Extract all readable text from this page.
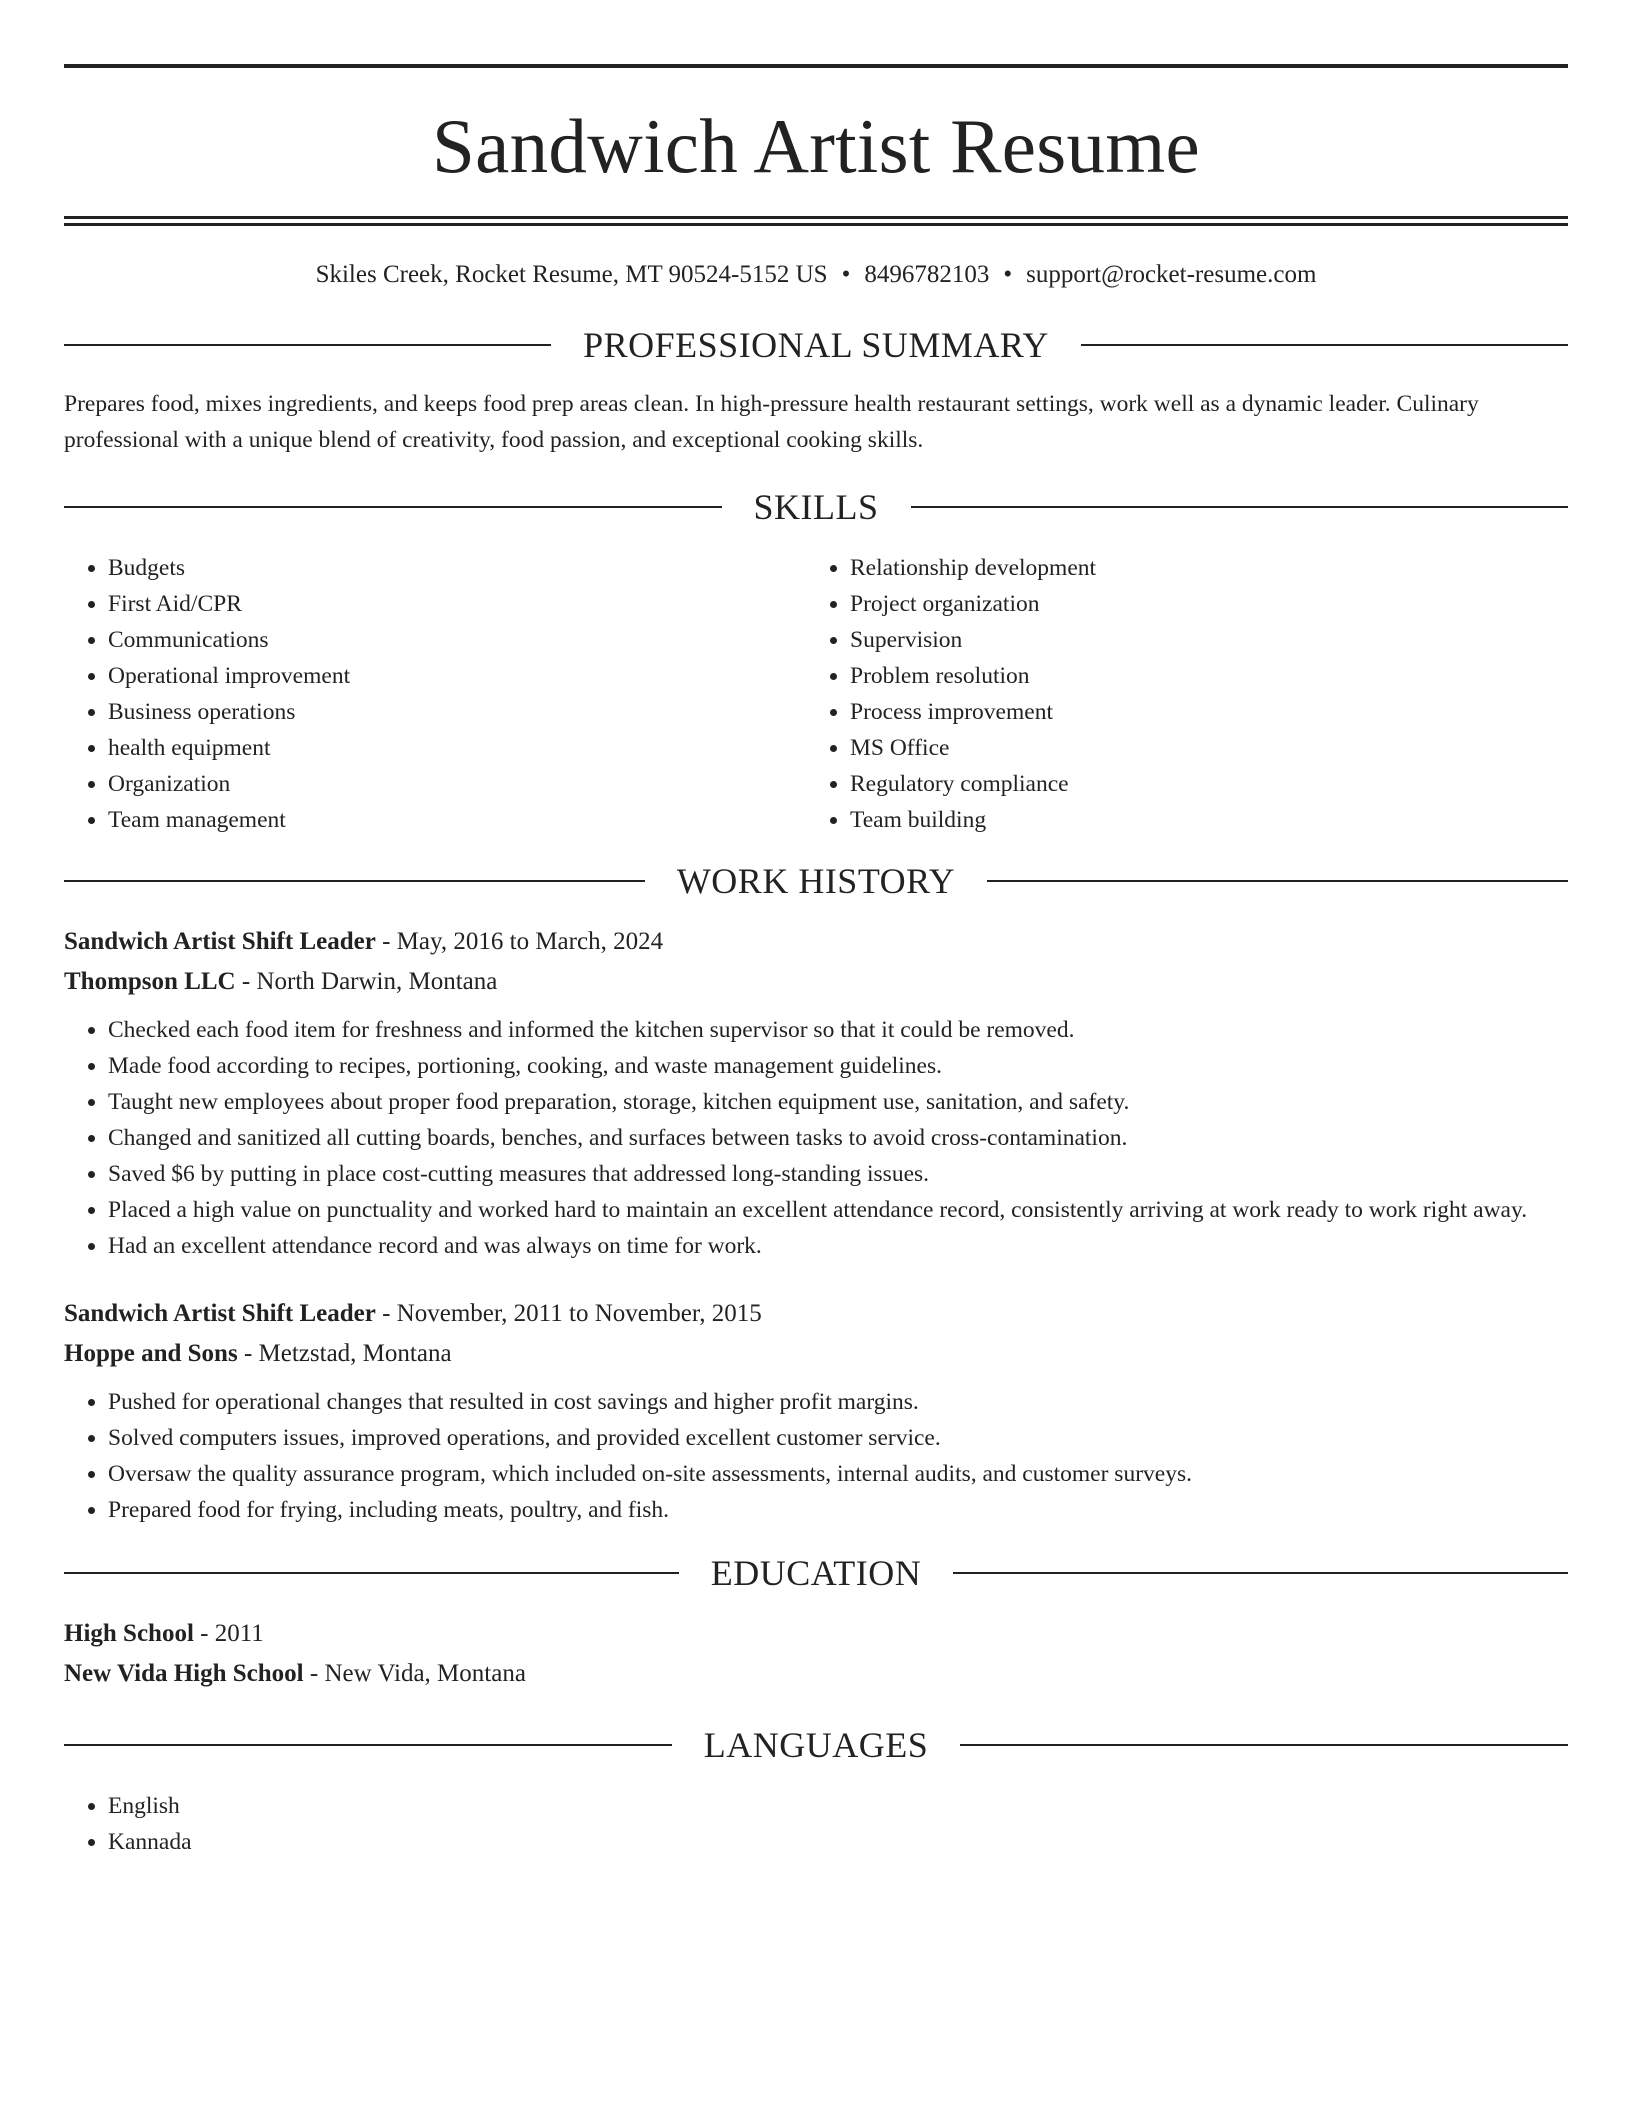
Sandwich Artist Resume
Skiles Creek, Rocket Resume, MT 90524-5152 US • 8496782103 • support@rocket-resume.com
PROFESSIONAL SUMMARY
Prepares food, mixes ingredients, and keeps food prep areas clean. In high-pressure health restaurant settings, work well as a dynamic leader. Culinary professional with a unique blend of creativity, food passion, and exceptional cooking skills.
SKILLS
• Budgets
• First Aid/CPR
• Communications
• Operational improvement
• Business operations
• health equipment
• Organization
• Team management
• Relationship development
• Project organization
• Supervision
• Problem resolution
• Process improvement
• MS Office
• Regulatory compliance
• Team building
WORK HISTORY
Sandwich Artist Shift Leader - May, 2016 to March, 2024
Thompson LLC - North Darwin, Montana
• Checked each food item for freshness and informed the kitchen supervisor so that it could be removed.
• Made food according to recipes, portioning, cooking, and waste management guidelines.
• Taught new employees about proper food preparation, storage, kitchen equipment use, sanitation, and safety.
• Changed and sanitized all cutting boards, benches, and surfaces between tasks to avoid cross-contamination.
• Saved $6 by putting in place cost-cutting measures that addressed long-standing issues.
• Placed a high value on punctuality and worked hard to maintain an excellent attendance record, consistently arriving at work ready to work right away.
• Had an excellent attendance record and was always on time for work.
Sandwich Artist Shift Leader - November, 2011 to November, 2015
Hoppe and Sons - Metzstad, Montana
• Pushed for operational changes that resulted in cost savings and higher profit margins.
• Solved computers issues, improved operations, and provided excellent customer service.
• Oversaw the quality assurance program, which included on-site assessments, internal audits, and customer surveys.
• Prepared food for frying, including meats, poultry, and fish.
EDUCATION
High School - 2011
New Vida High School - New Vida, Montana
LANGUAGES
• English
• Kannada
